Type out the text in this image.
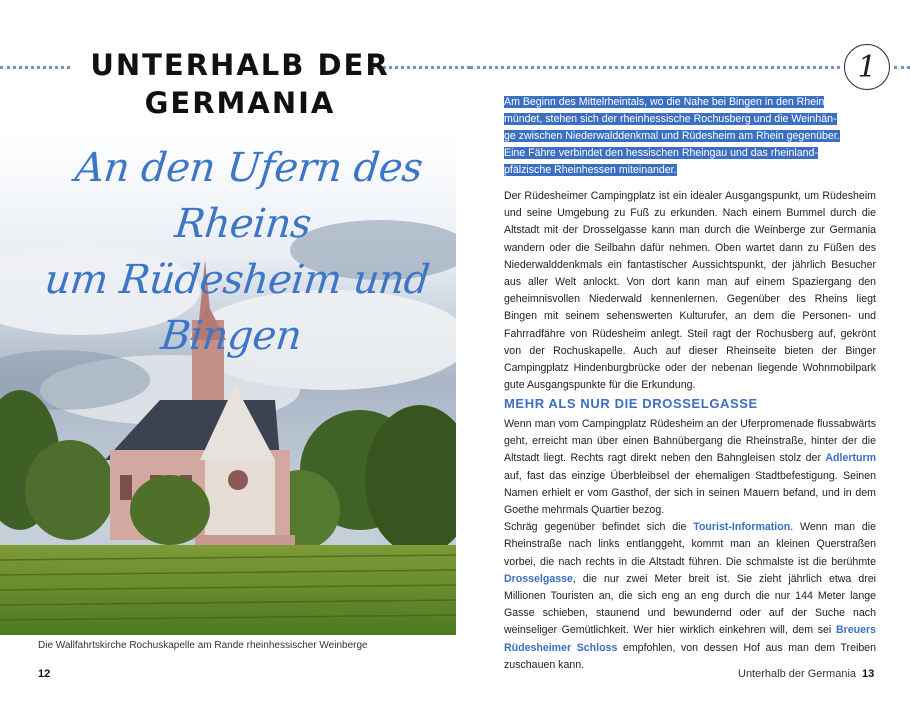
UNTERHALB DER
GERMANIA
An den Ufern des Rheins
um Rüdesheim und Bingen
Die Wallfahrtskirche Rochuskapelle am Rande rheinhessischer Weinberge
12
1
Am Beginn des Mittelrheintals, wo die Nahe bei Bingen in den Rhein
mündet, stehen sich der rheinhessische Rochusberg und die Weinhän-
ge zwischen Niederwalddenkmal und Rüdesheim am Rhein gegenüber.
Eine Fähre verbindet den hessischen Rheingau und das rheinland-
pfälzische Rheinhessen miteinander.

Der Rüdesheimer Campingplatz ist ein idealer Ausgangspunkt, um Rüdesheim und seine Umgebung zu Fuß zu erkunden. Nach einem Bummel durch die Altstadt mit der Drosselgasse kann man durch die Weinberge zur Germania wandern oder die Seilbahn dafür nehmen. Oben wartet dann zu Füßen des Niederwalddenkmals ein fantastischer Aussichtspunkt, der jährlich Besucher aus aller Welt anlockt. Von dort kann man auf einem Spaziergang den geheimnisvollen Niederwald kennenlernen. Gegenüber des Rheins liegt Bingen mit seinem sehenswerten Kulturufer, an dem die Personen- und Fahrradfähre von Rüdesheim anlegt. Steil ragt der Rochusberg auf, gekrönt von der Rochuskapelle. Auch auf dieser Rheinseite bieten der Binger Campingplatz Hindenburgbrücke oder der nebenan liegende Wohnmobilpark gute Ausgangspunkte für die Erkundung.

MEHR ALS NUR DIE DROSSELGASSE

Wenn man vom Campingplatz Rüdesheim an der Uferpromenade flussabwärts geht, erreicht man über einen Bahnübergang die Rheinstraße, hinter der die Altstadt liegt. Rechts ragt direkt neben den Bahngleisen stolz der Adlerturm auf, fast das einzige Überbleibsel der ehemaligen Stadtbefestigung. Seinen Namen erhielt er vom Gasthof, der sich in seinen Mauern befand, und in dem Goethe mehrmals Quartier bezog.

Schräg gegenüber befindet sich die Tourist-Information. Wenn man die Rheinstraße nach links entlanggeht, kommt man an kleinen Querstraßen vorbei, die nach rechts in die Altstadt führen. Die schmalste ist die berühmte Drosselgasse, die nur zwei Meter breit ist. Sie zieht jährlich etwa drei Millionen Touristen an, die sich eng an eng durch die nur 144 Meter lange Gasse schieben, staunend und bewundernd oder auf der Suche nach weinseliger Gemütlichkeit. Wer hier wirklich einkehren will, dem sei Breuers Rüdesheimer Schloss empfohlen, von dessen Hof aus man dem Treiben zuschauen kann.

Unterhalb der Germania 13
